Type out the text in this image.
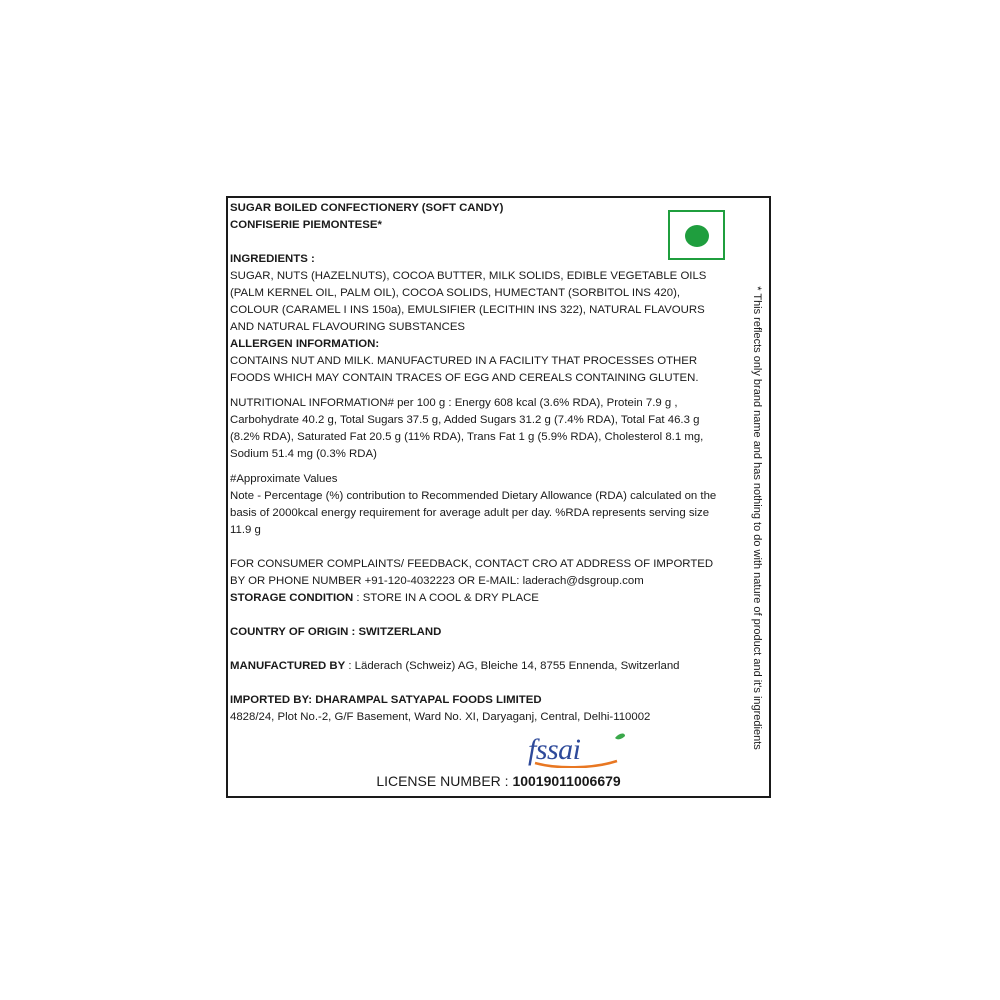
SUGAR BOILED CONFECTIONERY (SOFT CANDY)

CONFISERIE PIEMONTESE*

INGREDIENTS :

SUGAR, NUTS (HAZELNUTS), COCOA BUTTER, MILK SOLIDS, EDIBLE VEGETABLE OILS (PALM KERNEL OIL, PALM OIL), COCOA SOLIDS, HUMECTANT (SORBITOL INS 420), COLOUR (CARAMEL I INS 150a), EMULSIFIER (LECITHIN INS 322), NATURAL FLAVOURS AND NATURAL FLAVOURING SUBSTANCES

ALLERGEN INFORMATION:

CONTAINS NUT AND MILK. MANUFACTURED IN A FACILITY THAT PROCESSES OTHER FOODS WHICH MAY CONTAIN TRACES OF EGG AND CEREALS CONTAINING GLUTEN.

NUTRITIONAL INFORMATION# per 100 g : Energy 608 kcal (3.6% RDA), Protein 7.9 g , Carbohydrate 40.2 g, Total Sugars 37.5 g, Added Sugars 31.2 g (7.4% RDA), Total Fat 46.3 g (8.2% RDA), Saturated Fat 20.5 g (11% RDA), Trans Fat 1 g (5.9% RDA), Cholesterol 8.1 mg, Sodium 51.4 mg (0.3% RDA)

#Approximate Values

Note - Percentage (%) contribution to Recommended Dietary Allowance (RDA) calculated on the basis of 2000kcal energy requirement for average adult per day. %RDA represents serving size 11.9 g

FOR CONSUMER COMPLAINTS/ FEEDBACK, CONTACT CRO AT ADDRESS OF IMPORTED BY OR PHONE NUMBER +91-120-4032223 OR E-MAIL: laderach@dsgroup.com

STORAGE CONDITION : STORE IN A COOL & DRY PLACE

COUNTRY OF ORIGIN : SWITZERLAND

MANUFACTURED BY : Läderach (Schweiz) AG, Bleiche 14, 8755 Ennenda, Switzerland

IMPORTED BY: DHARAMPAL SATYAPAL FOODS LIMITED

4828/24, Plot No.-2, G/F Basement, Ward No. XI, Daryaganj, Central, Delhi-110002	* This reflects only brand name and has nothing to do with nature of product and it's ingredients
fssai
LICENSE NUMBER : 10019011006679
